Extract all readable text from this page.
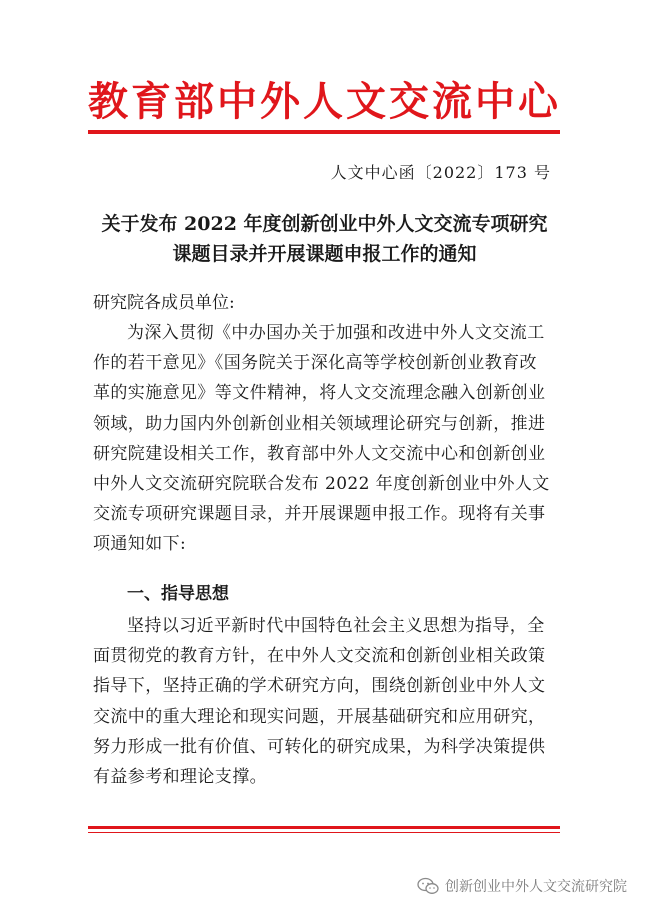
教育部中外人文交流中心
人文中心函〔2022〕173 号
关于发布 2022 年度创新创业中外人文交流专项研究
课题目录并开展课题申报工作的通知
研究院各成员单位:
为深入贯彻《中办国办关于加强和改进中外人文交流工
作的若干意见》《国务院关于深化高等学校创新创业教育改
革的实施意见》等文件精神，将人文交流理念融入创新创业
领域，助力国内外创新创业相关领域理论研究与创新，推进
研究院建设相关工作，教育部中外人文交流中心和创新创业
中外人文交流研究院联合发布 2022 年度创新创业中外人文
交流专项研究课题目录，并开展课题申报工作。现将有关事
项通知如下:
一、指导思想
坚持以习近平新时代中国特色社会主义思想为指导，全
面贯彻党的教育方针，在中外人文交流和创新创业相关政策
指导下，坚持正确的学术研究方向，围绕创新创业中外人文
交流中的重大理论和现实问题，开展基础研究和应用研究，
努力形成一批有价值、可转化的研究成果，为科学决策提供
有益参考和理论支撑。
创新创业中外人文交流研究院
